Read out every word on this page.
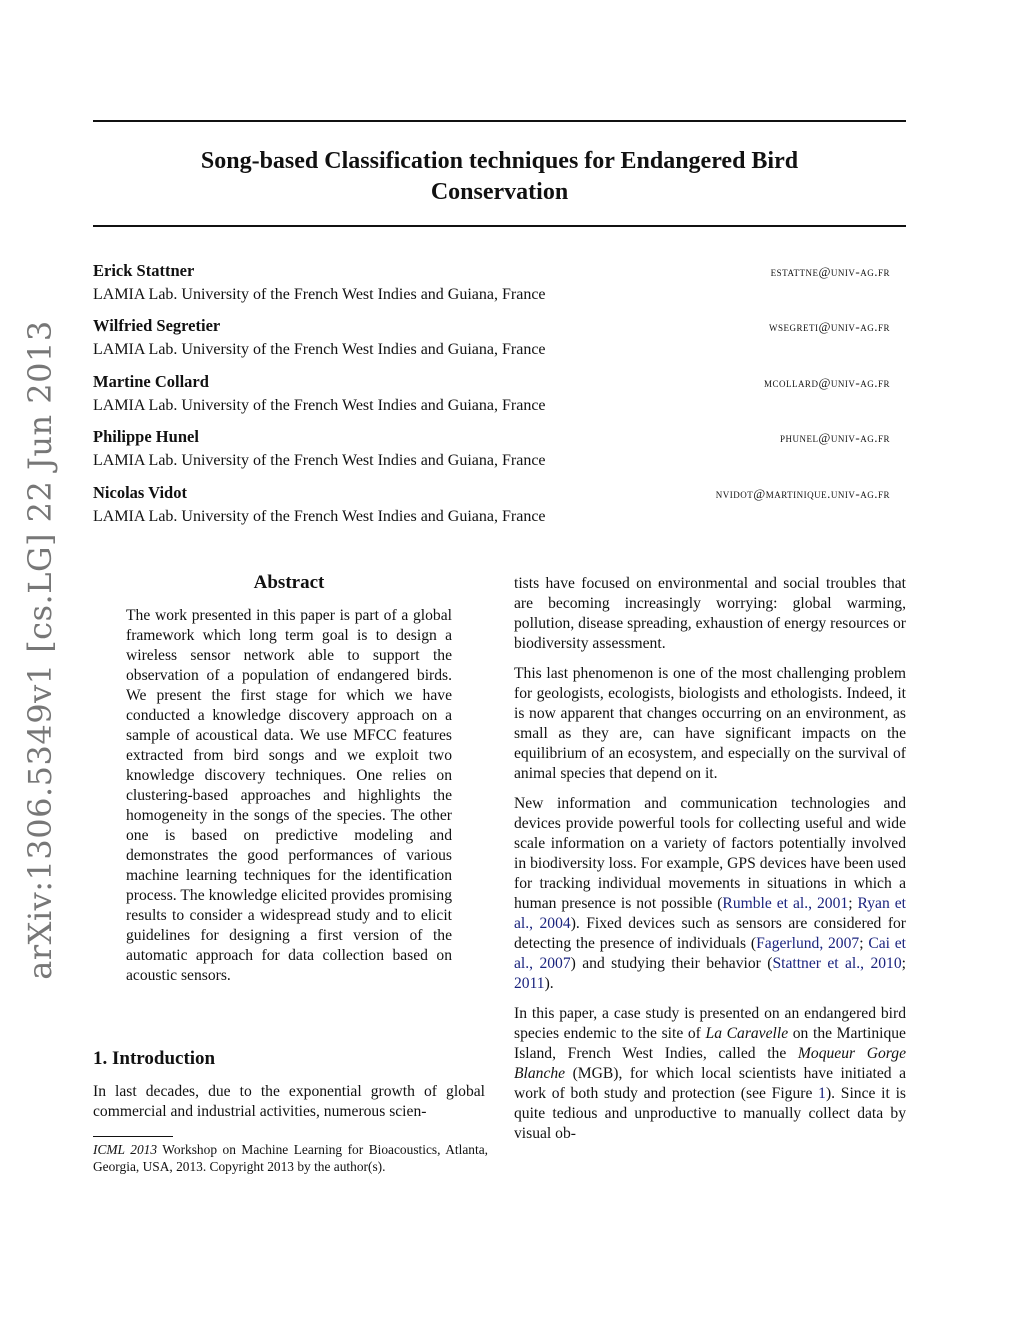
Song-based Classification techniques for Endangered Bird
Conservation
Erick Stattner	estattne@univ-ag.fr
LAMIA Lab. University of the French West Indies and Guiana, France
Wilfried Segretier	wsegreti@univ-ag.fr
LAMIA Lab. University of the French West Indies and Guiana, France
Martine Collard	mcollard@univ-ag.fr
LAMIA Lab. University of the French West Indies and Guiana, France
Philippe Hunel	phunel@univ-ag.fr
LAMIA Lab. University of the French West Indies and Guiana, France
Nicolas Vidot	nvidot@martinique.univ-ag.fr
LAMIA Lab. University of the French West Indies and Guiana, France
arXiv:1306.5349v1 [cs.LG] 22 Jun 2013	Abstract
The work presented in this paper is part of a global framework which long term goal is to design a wireless sensor network able to support the observation of a population of endangered birds. We present the first stage for which we have conducted a knowledge discovery approach on a sample of acoustical data. We use MFCC features extracted from bird songs and we exploit two knowledge discovery techniques. One relies on clustering-based approaches and highlights the homogeneity in the songs of the species. The other one is based on predictive modeling and demonstrates the good performances of various machine learning techniques for the identification process. The knowledge elicited provides promising results to consider a widespread study and to elicit guidelines for designing a first version of the automatic approach for data collection based on acoustic sensors.
1. Introduction
In last decades, due to the exponential growth of global commercial and industrial activities, numerous scien-
ICML 2013 Workshop on Machine Learning for Bioacoustics, Atlanta, Georgia, USA, 2013. Copyright 2013 by the author(s).

tists have focused on environmental and social troubles that are becoming increasingly worrying: global warming, pollution, disease spreading, exhaustion of energy resources or biodiversity assessment.

This last phenomenon is one of the most challenging problem for geologists, ecologists, biologists and ethologists. Indeed, it is now apparent that changes occurring on an environment, as small as they are, can have significant impacts on the equilibrium of an ecosystem, and especially on the survival of animal species that depend on it.

New information and communication technologies and devices provide powerful tools for collecting useful and wide scale information on a variety of factors potentially involved in biodiversity loss. For example, GPS devices have been used for tracking individual movements in situations in which a human presence is not possible (Rumble et al., 2001; Ryan et al., 2004). Fixed devices such as sensors are considered for detecting the presence of individuals (Fagerlund, 2007; Cai et al., 2007) and studying their behavior (Stattner et al., 2010; 2011).

In this paper, a case study is presented on an endangered bird species endemic to the site of La Caravelle on the Martinique Island, French West Indies, called the Moqueur Gorge Blanche (MGB), for which local scientists have initiated a work of both study and protection (see Figure 1). Since it is quite tedious and unproductive to manually collect data by visual ob-
